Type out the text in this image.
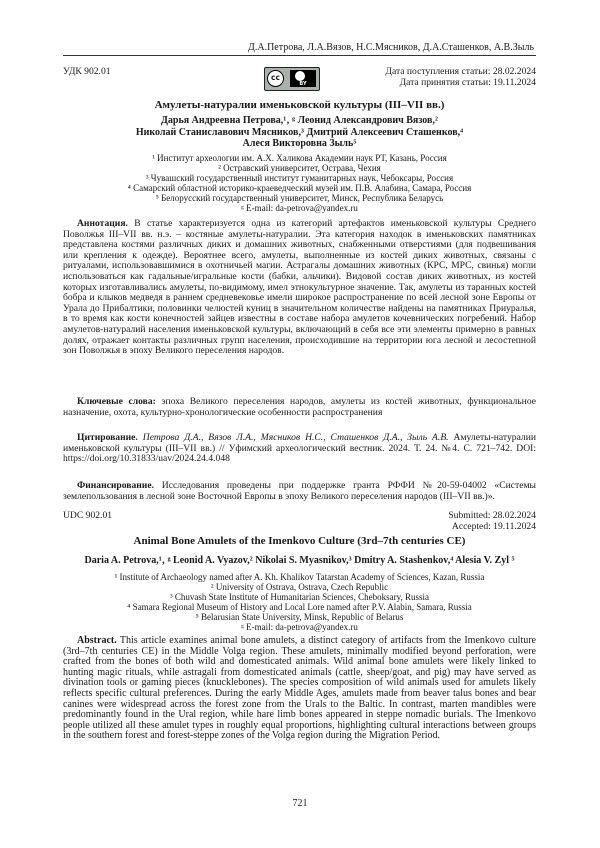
Д.А.Петрова, Л.А.Вязов, Н.С.Мясников, Д.А.Сташенков, А.В.Зыль
УДК 902.01	Дата поступления статьи: 28.02.2024
Дата принятия статьи: 19.11.2024
cc
BY
Амулеты-натуралии именьковской культуры (III–VII вв.)
Дарья Андреевна Петрова,¹‚ ᵍ Леонид Александрович Вязов,²
Николай Станиславович Мясников,³ Дмитрий Алексеевич Сташенков,⁴
Алеся Викторовна Зыль⁵
¹ Институт археологии им. А.Х. Халикова Академии наук РТ, Казань, Россия
² Остравский университет, Острава, Чехия
³ Чувашский государственный институт гуманитарных наук, Чебоксары, Россия
⁴ Самарский областной историко-краеведческий музей им. П.В. Алабина, Самара, Россия
⁵ Белорусский государственный университет, Минск, Республика Беларусь
ᵍ E-mail: da-petrova@yandex.ru
Аннотация. В статье характеризуется одна из категорий артефактов именьковской культуры Среднего Поволжья III–VII вв. н.э. – костяные амулеты-натуралии. Эта категория находок в именьковских памятниках представлена костями различных диких и домашних животных, снабженными отверстиями (для подвешивания или крепления к одежде). Вероятнее всего, амулеты, выполненные из костей диких животных, связаны с ритуалами, использовавшимися в охотничьей магии. Астрагалы домашних животных (КРС, МРС, свинья) могли использоваться как гадальные/игральные кости (бабки, альчики). Видовой состав диких животных, из костей которых изготавливались амулеты, по-видимому, имел этнокультурное значение. Так, амулеты из таранных костей бобра и клыков медведя в раннем средневековье имели широкое распространение по всей лесной зоне Европы от Урала до Прибалтики, половинки челюстей куниц в значительном количестве найдены на памятниках Приуралья, в то время как кости конечностей зайцев известны в составе набора амулетов кочевнических погребений. Набор амулетов-натуралий населения именьковской культуры, включающий в себя все эти элементы примерно в равных долях, отражает контакты различных групп населения, происходившие на территории юга лесной и лесостепной зон Поволжья в эпоху Великого переселения народов.
Ключевые слова: эпоха Великого переселения народов, амулеты из костей животных, функциональное назначение, охота, культурно-хронологические особенности распространения
Цитирование. Петрова Д.А., Вязов Л.А., Мясников Н.С., Сташенков Д.А., Зыль А.В. Амулеты-натуралии именьковской культуры (III–VII вв.) // Уфимский археологический вестник. 2024. Т. 24. №4. С. 721–742. DOI: https://doi.org/10.31833/uav/2024.24.4.048
Финансирование. Исследования проведены при поддержке гранта РФФИ №20-59-04002 «Системы землепользования в лесной зоне Восточной Европы в эпоху Великого переселения народов (III–VII вв.)».
UDC 902.01	Submitted: 28.02.2024
Accepted: 19.11.2024
Animal Bone Amulets of the Imenkovo Culture (3rd–7th centuries CE)
Daria A. Petrova,¹‚ ᵍ Leonid A. Vyazov,² Nikolai S. Myasnikov,³ Dmitry A. Stashenkov,⁴ Alesia V. Zyl ⁵
¹ Institute of Archaeology named after A. Kh. Khalikov Tatarstan Academy of Sciences, Kazan, Russia
² University of Ostrava, Ostrava, Czech Republic
³ Chuvash State Institute of Humanitarian Sciences, Cheboksary, Russia
⁴ Samara Regional Museum of History and Local Lore named after P.V. Alabin, Samara, Russia
⁵ Belarusian State University, Minsk, Republic of Belarus
ᵍ E-mail: da-petrova@yandex.ru
Abstract. This article examines animal bone amulets, a distinct category of artifacts from the Imenkovo culture (3rd–7th centuries CE) in the Middle Volga region. These amulets, minimally modified beyond perforation, were crafted from the bones of both wild and domesticated animals. Wild animal bone amulets were likely linked to hunting magic rituals, while astragali from domesticated animals (cattle, sheep/goat, and pig) may have served as divination tools or gaming pieces (knucklebones). The species composition of wild animals used for amulets likely reflects specific cultural preferences. During the early Middle Ages, amulets made from beaver talus bones and bear canines were widespread across the forest zone from the Urals to the Baltic. In contrast, marten mandibles were predominantly found in the Ural region, while hare limb bones appeared in steppe nomadic burials. The Imenkovo people utilized all these amulet types in roughly equal proportions, highlighting cultural interactions between groups in the southern forest and forest-steppe zones of the Volga region during the Migration Period.
721
